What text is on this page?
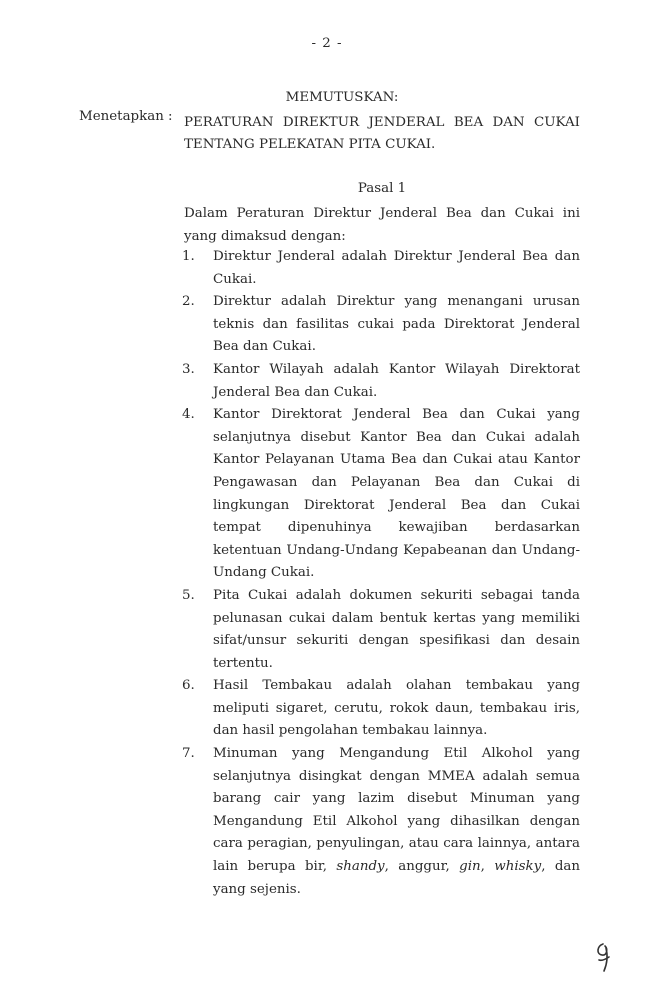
- 2 -
MEMUTUSKAN:
Menetapkan : PERATURAN DIREKTUR JENDERAL BEA DAN CUKAI
TENTANG PELEKATAN PITA CUKAI.
Pasal 1
Dalam Peraturan Direktur Jenderal Bea dan Cukai ini yang dimaksud dengan:
1. Direktur Jenderal adalah Direktur Jenderal Bea dan Cukai.
2. Direktur adalah Direktur yang menangani urusan teknis dan fasilitas cukai pada Direktorat Jenderal Bea dan Cukai.
3. Kantor Wilayah adalah Kantor Wilayah Direktorat Jenderal Bea dan Cukai.
4. Kantor Direktorat Jenderal Bea dan Cukai yang selanjutnya disebut Kantor Bea dan Cukai adalah Kantor Pelayanan Utama Bea dan Cukai atau Kantor Pengawasan dan Pelayanan Bea dan Cukai di lingkungan Direktorat Jenderal Bea dan Cukai tempat dipenuhinya kewajiban berdasarkan ketentuan Undang-Undang Kepabeanan dan Undang-Undang Cukai.
5. Pita Cukai adalah dokumen sekuriti sebagai tanda pelunasan cukai dalam bentuk kertas yang memiliki sifat/unsur sekuriti dengan spesifikasi dan desain tertentu.
6. Hasil Tembakau adalah olahan tembakau yang meliputi sigaret, cerutu, rokok daun, tembakau iris, dan hasil pengolahan tembakau lainnya.
7. Minuman yang Mengandung Etil Alkohol yang selanjutnya disingkat dengan MMEA adalah semua barang cair yang lazim disebut Minuman yang Mengandung Etil Alkohol yang dihasilkan dengan cara peragian, penyulingan, atau cara lainnya, antara lain berupa bir, shandy, anggur, gin, whisky, dan yang sejenis.
